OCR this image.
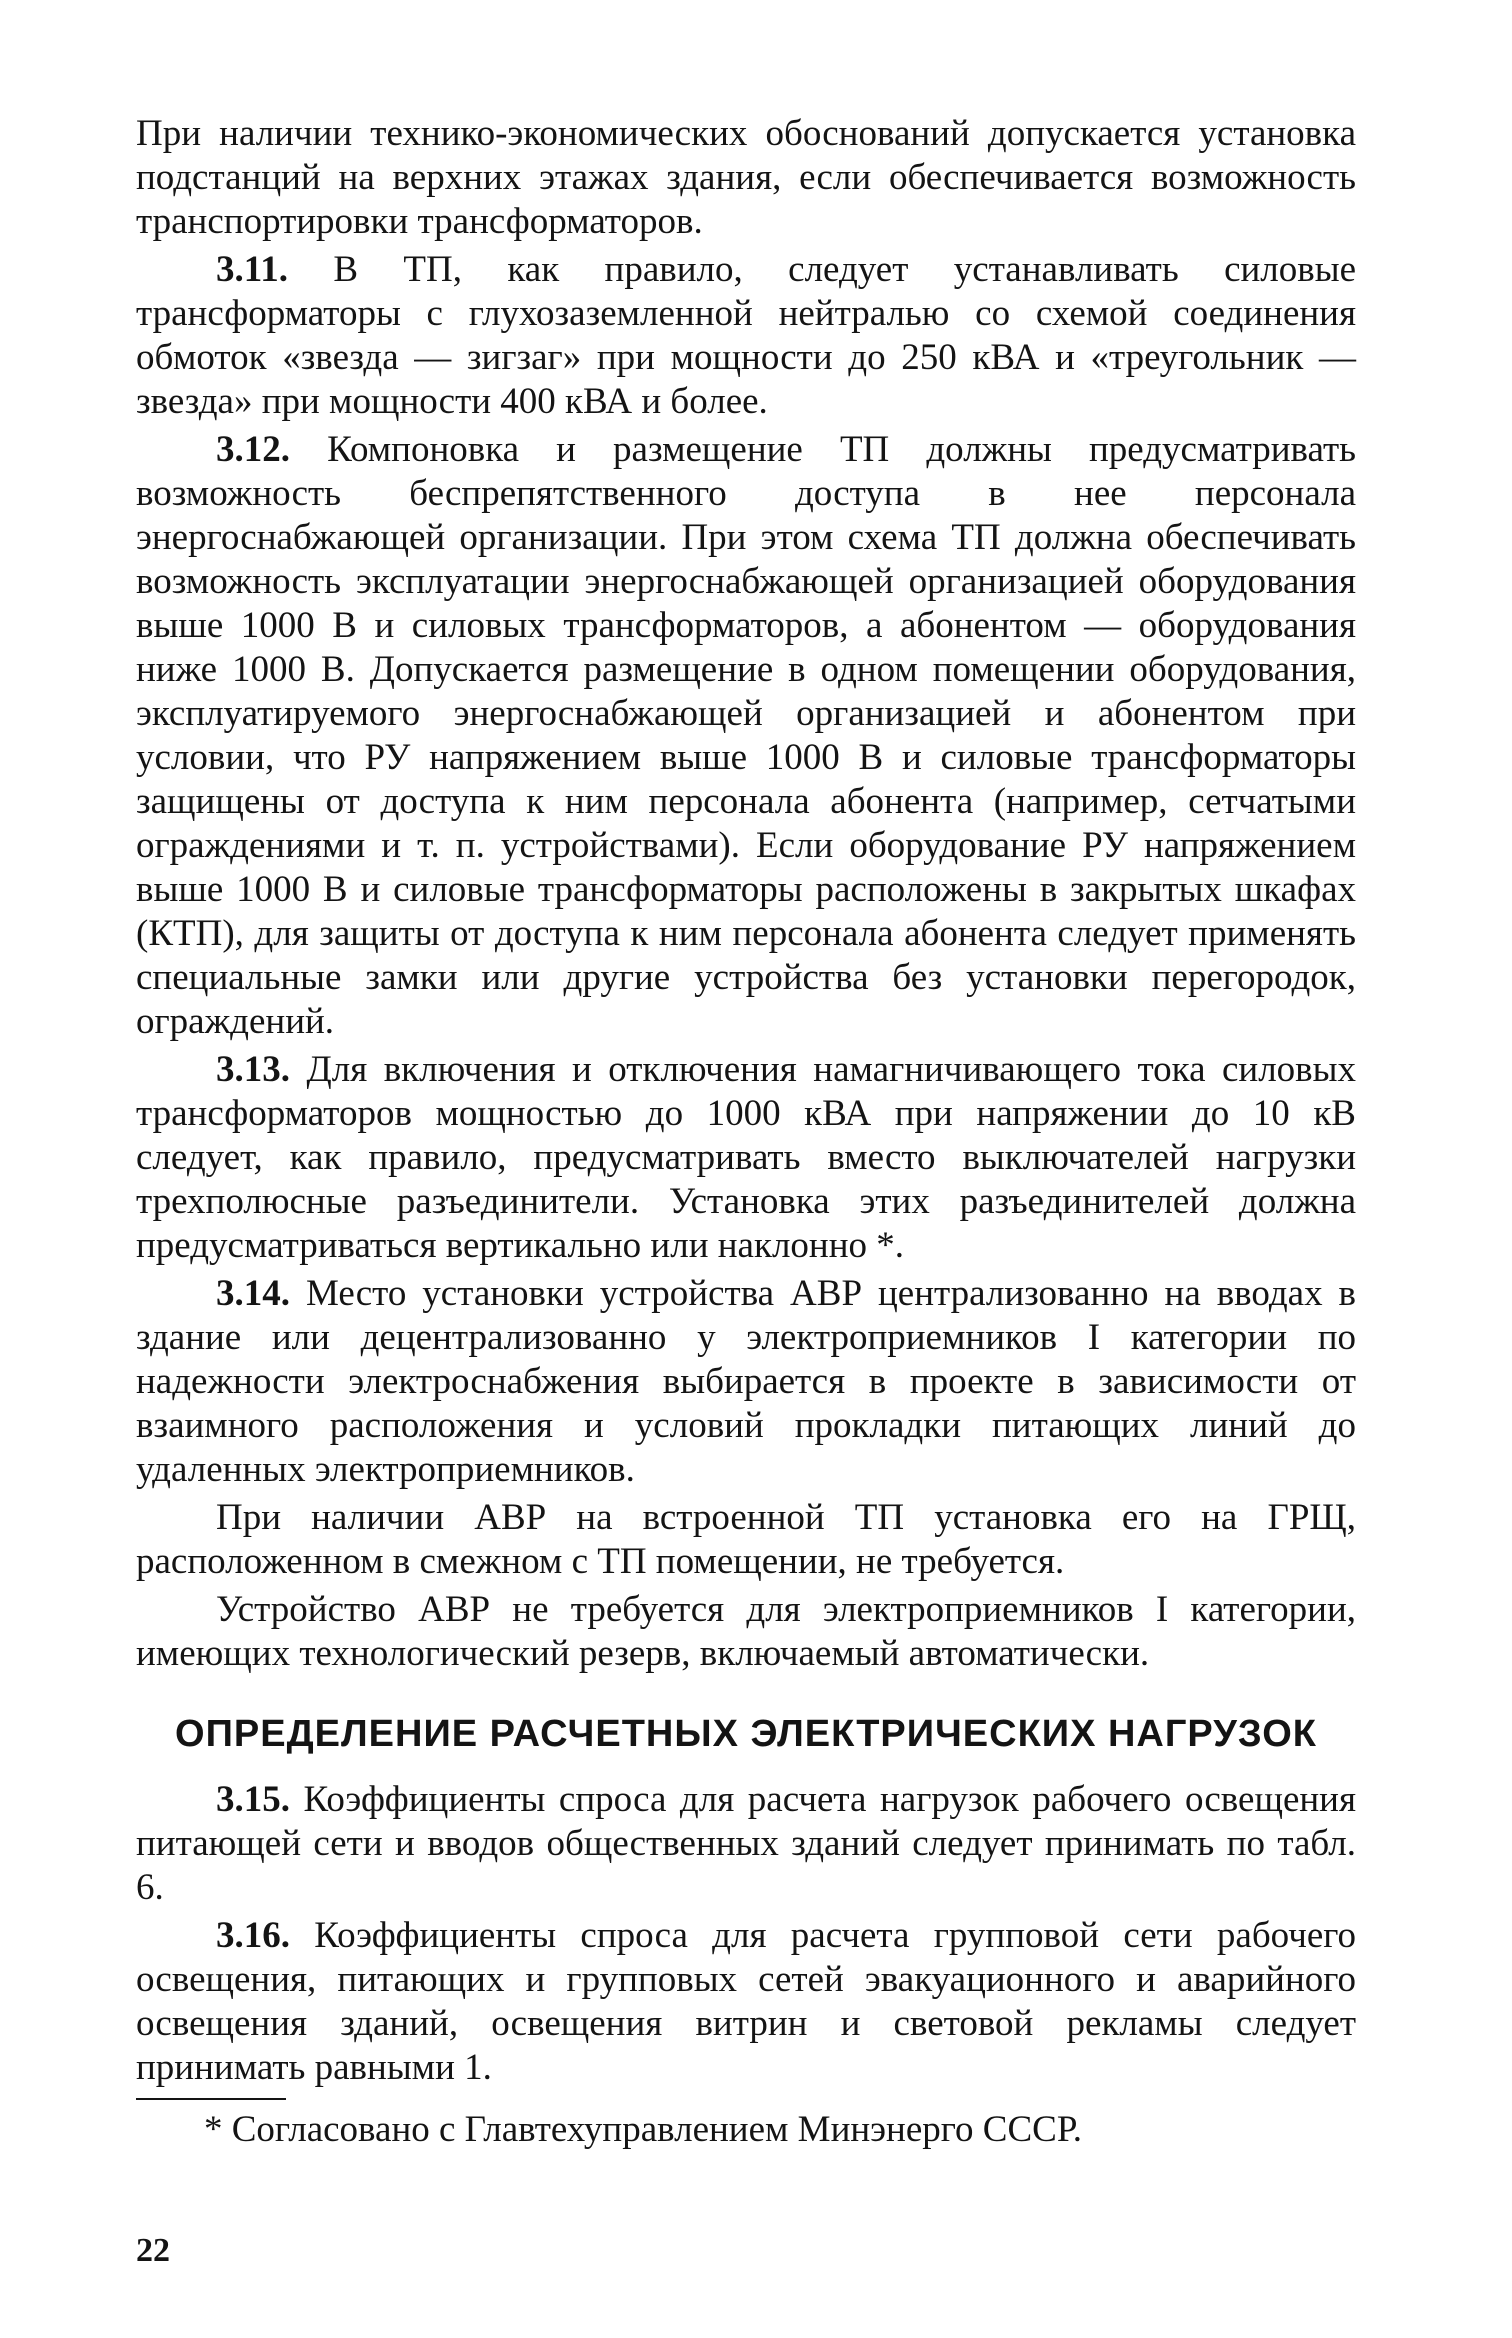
При наличии технико-экономических обоснований допускается установка подстанций на верхних этажах здания, если обеспечивается возможность транспортировки трансформаторов.

3.11. В ТП, как правило, следует устанавливать силовые трансформаторы с глухозаземленной нейтралью со схемой соединения обмоток «звезда — зигзаг» при мощности до 250 кВА и «треугольник — звезда» при мощности 400 кВА и более.

3.12. Компоновка и размещение ТП должны предусматривать возможность беспрепятственного доступа в нее персонала энергоснабжающей организации. При этом схема ТП должна обеспечивать возможность эксплуатации энергоснабжающей организацией оборудования выше 1000 В и силовых трансформаторов, а абонентом — оборудования ниже 1000 В. Допускается размещение в одном помещении оборудования, эксплуатируемого энергоснабжающей организацией и абонентом при условии, что РУ напряжением выше 1000 В и силовые трансформаторы защищены от доступа к ним персонала абонента (например, сетчатыми ограждениями и т. п. устройствами). Если оборудование РУ напряжением выше 1000 В и силовые трансформаторы расположены в закрытых шкафах (КТП), для защиты от доступа к ним персонала абонента следует применять специальные замки или другие устройства без установки перегородок, ограждений.

3.13. Для включения и отключения намагничивающего тока силовых трансформаторов мощностью до 1000 кВА при напряжении до 10 кВ следует, как правило, предусматривать вместо выключателей нагрузки трехполюсные разъединители. Установка этих разъединителей должна предусматриваться вертикально или наклонно *.

3.14. Место установки устройства АВР централизованно на вводах в здание или децентрализованно у электроприемников I категории по надежности электроснабжения выбирается в проекте в зависимости от взаимного расположения и условий прокладки питающих линий до удаленных электроприемников.

При наличии АВР на встроенной ТП установка его на ГРЩ, расположенном в смежном с ТП помещении, не требуется.

Устройство АВР не требуется для электроприемников I категории, имеющих технологический резерв, включаемый автоматически.

ОПРЕДЕЛЕНИЕ РАСЧЕТНЫХ ЭЛЕКТРИЧЕСКИХ НАГРУЗОК

3.15. Коэффициенты спроса для расчета нагрузок рабочего освещения питающей сети и вводов общественных зданий следует принимать по табл. 6.

3.16. Коэффициенты спроса для расчета групповой сети рабочего освещения, питающих и групповых сетей эвакуационного и аварийного освещения зданий, освещения витрин и световой рекламы следует принимать равными 1.

* Согласовано с Главтехуправлением Минэнерго СССР.
22
